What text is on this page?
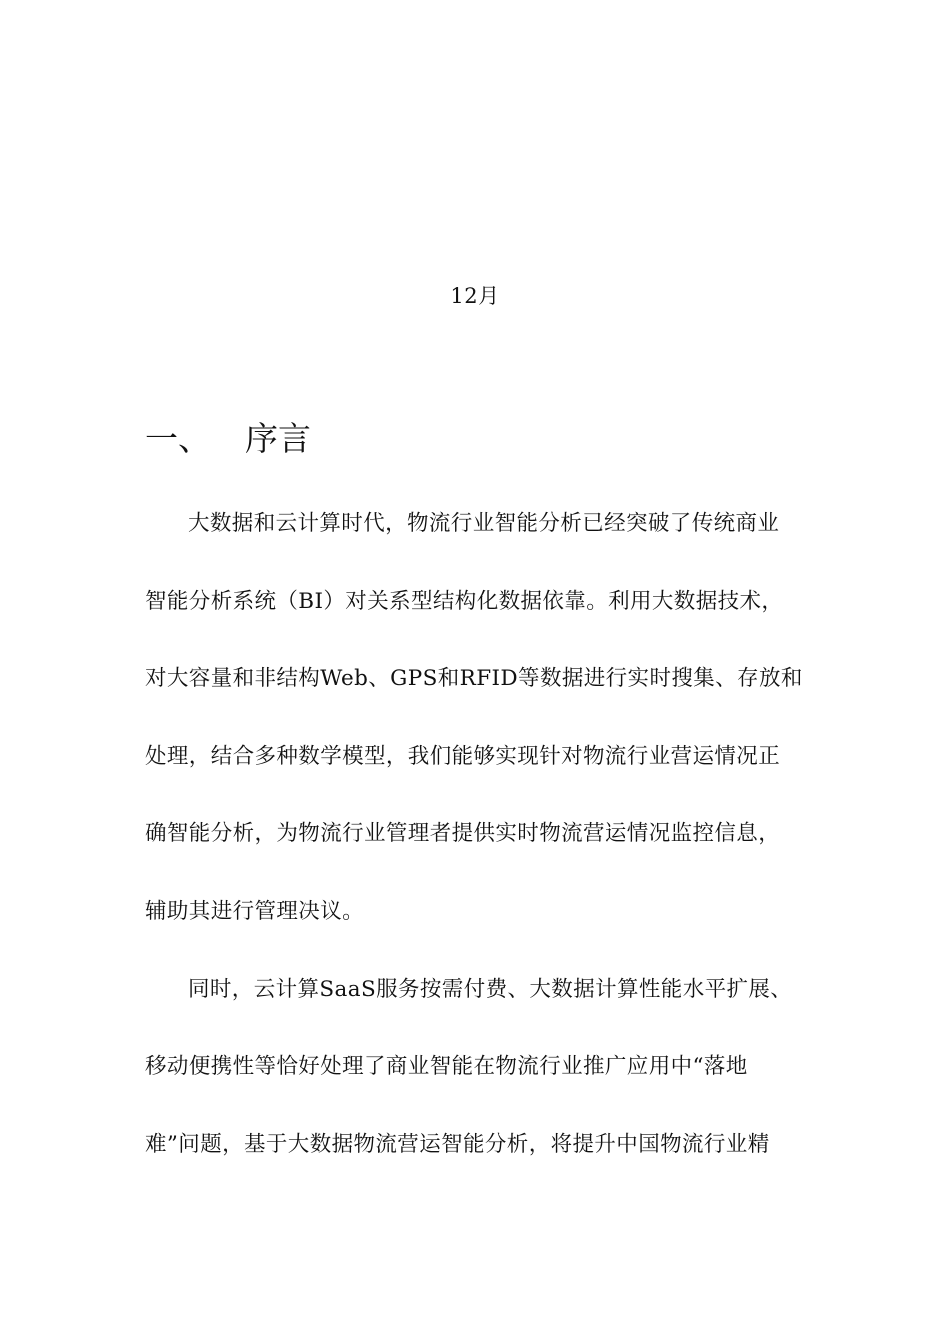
12月
一、 序言
大数据和云计算时代，物流行业智能分析已经突破了传统商业
智能分析系统（BI）对关系型结构化数据依靠。利用大数据技术，
对大容量和非结构Web、GPS和RFID等数据进行实时搜集、存放和
处理，结合多种数学模型，我们能够实现针对物流行业营运情况正
确智能分析，为物流行业管理者提供实时物流营运情况监控信息，
辅助其进行管理决议。
同时，云计算SaaS服务按需付费、大数据计算性能水平扩展、
移动便携性等恰好处理了商业智能在物流行业推广应用中“落地
难”问题，基于大数据物流营运智能分析，将提升中国物流行业精
